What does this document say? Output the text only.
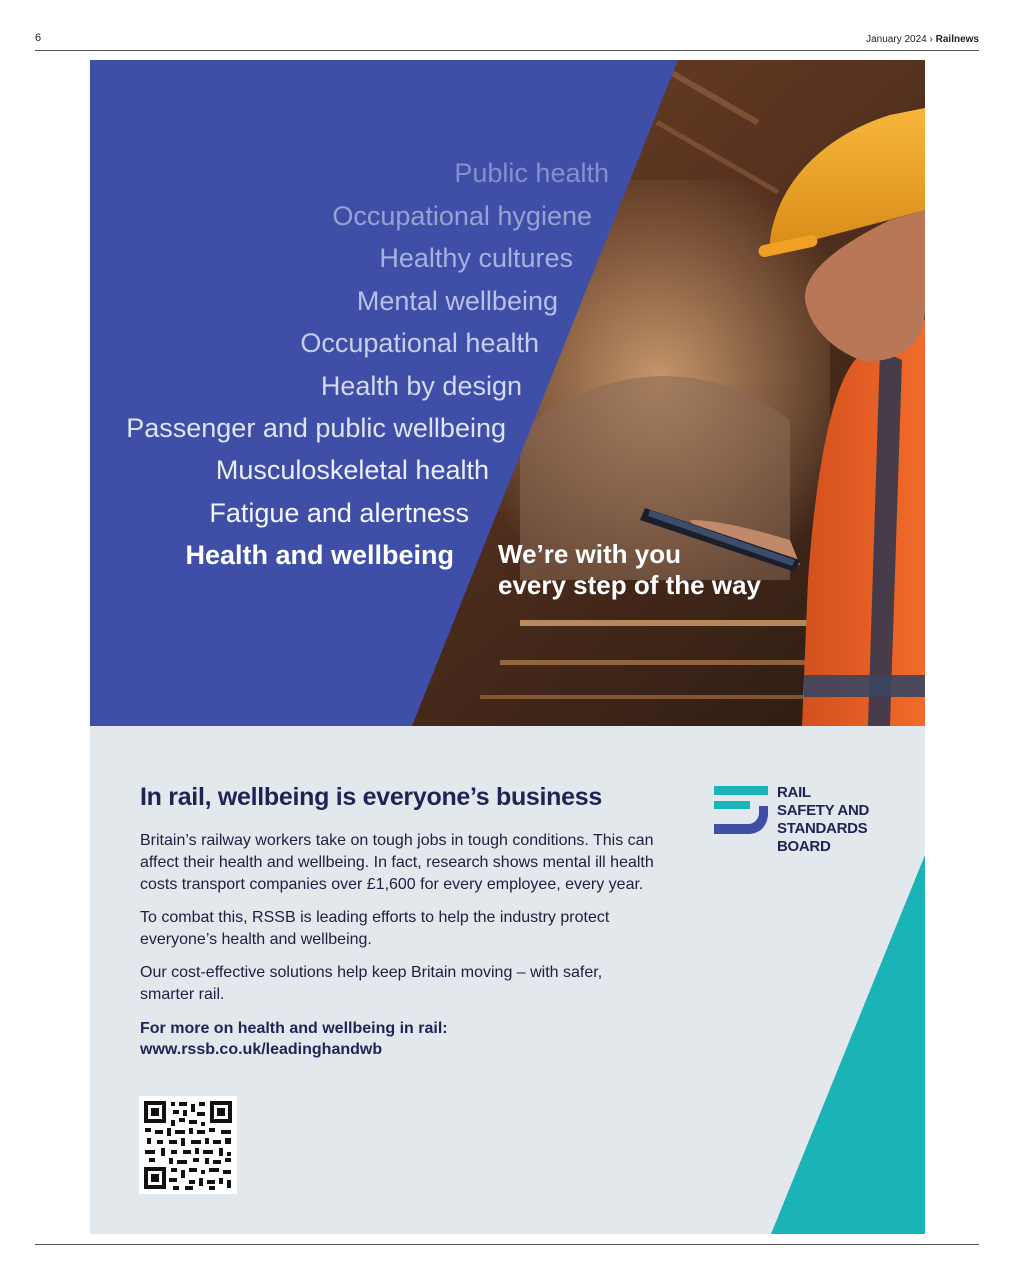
6	January 2024 › Railnews
Public health
Occupational hygiene
Healthy cultures
Mental wellbeing
Occupational health
Health by design
Passenger and public wellbeing
Musculoskeletal health
Fatigue and alertness
Health and wellbeing We’re with you
every step of the way
In rail, wellbeing is everyone’s business

Britain’s railway workers take on tough jobs in tough conditions. This can affect their health and wellbeing. In fact, research shows mental ill health costs transport companies over £1,600 for every employee, every year.

To combat this, RSSB is leading efforts to help the industry protect everyone’s health and wellbeing.

Our cost-effective solutions help keep Britain moving – with safer, smarter rail.

For more on health and wellbeing in rail:
www.rssb.co.uk/leadinghandwb
RAIL
SAFETY AND
STANDARDS
BOARD
